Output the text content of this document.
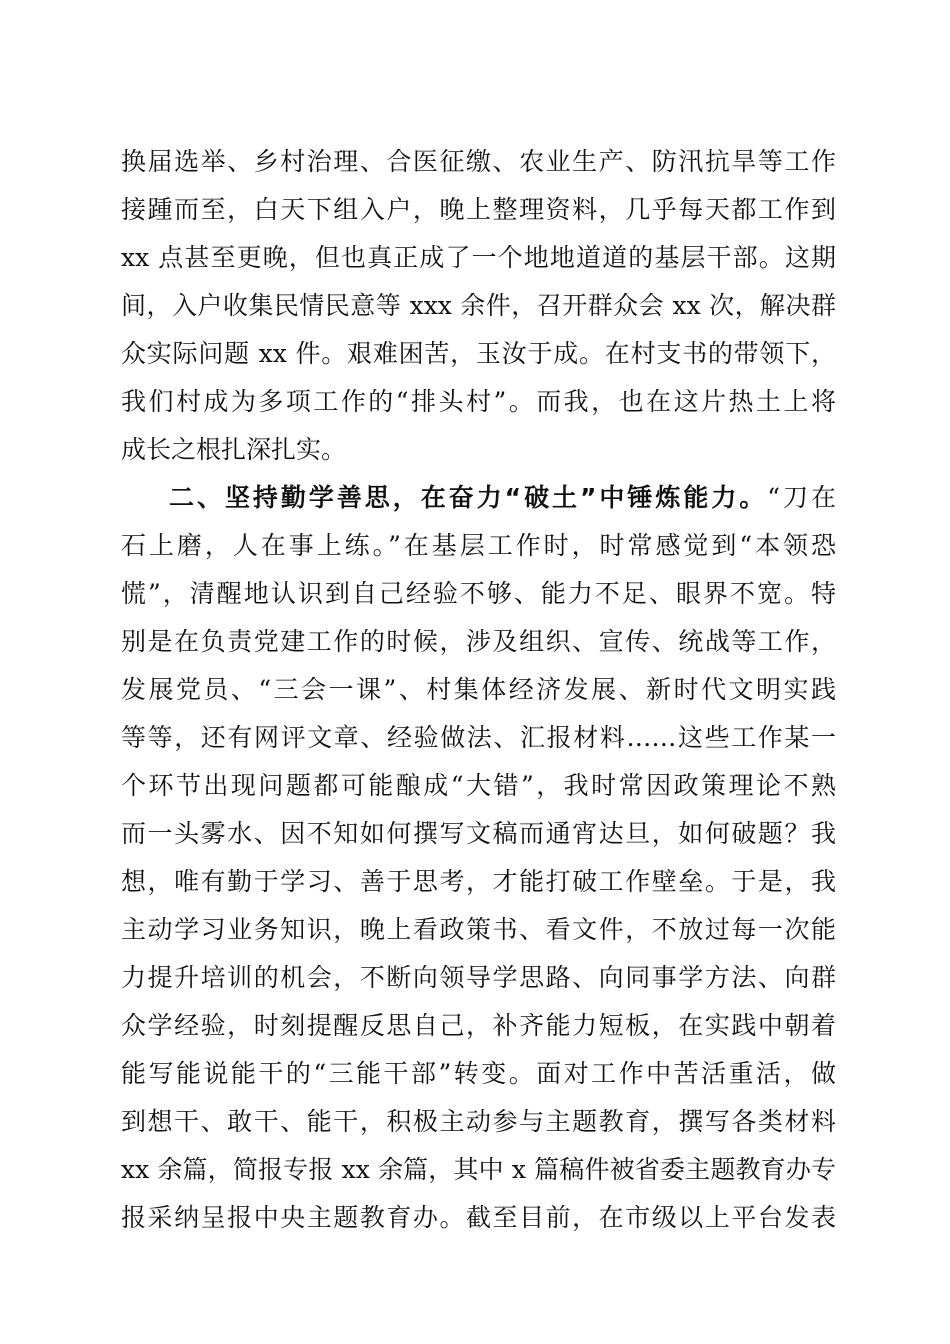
换届选举、乡村治理、合医征缴、农业生产、防汛抗旱等工作
接踵而至，白天下组入户，晚上整理资料，几乎每天都工作到
xx 点甚至更晚，但也真正成了一个地地道道的基层干部。这期
间，入户收集民情民意等 xxx 余件，召开群众会 xx 次，解决群
众实际问题 xx 件。艰难困苦，玉汝于成。在村支书的带领下，
我们村成为多项工作的“排头村”。而我，也在这片热土上将
成长之根扎深扎实。
二、坚持勤学善思，在奋力“破土”中锤炼能力。“刀在
石上磨，人在事上练。”在基层工作时，时常感觉到“本领恐
慌”，清醒地认识到自己经验不够、能力不足、眼界不宽。特
别是在负责党建工作的时候，涉及组织、宣传、统战等工作，
发展党员、“三会一课”、村集体经济发展、新时代文明实践
等等，还有网评文章、经验做法、汇报材料……这些工作某一
个环节出现问题都可能酿成“大错”，我时常因政策理论不熟
而一头雾水、因不知如何撰写文稿而通宵达旦，如何破题？我
想，唯有勤于学习、善于思考，才能打破工作壁垒。于是，我
主动学习业务知识，晚上看政策书、看文件，不放过每一次能
力提升培训的机会，不断向领导学思路、向同事学方法、向群
众学经验，时刻提醒反思自己，补齐能力短板，在实践中朝着
能写能说能干的“三能干部”转变。面对工作中苦活重活，做
到想干、敢干、能干，积极主动参与主题教育，撰写各类材料
xx 余篇，简报专报 xx 余篇，其中 x 篇稿件被省委主题教育办专
报采纳呈报中央主题教育办。截至目前，在市级以上平台发表
